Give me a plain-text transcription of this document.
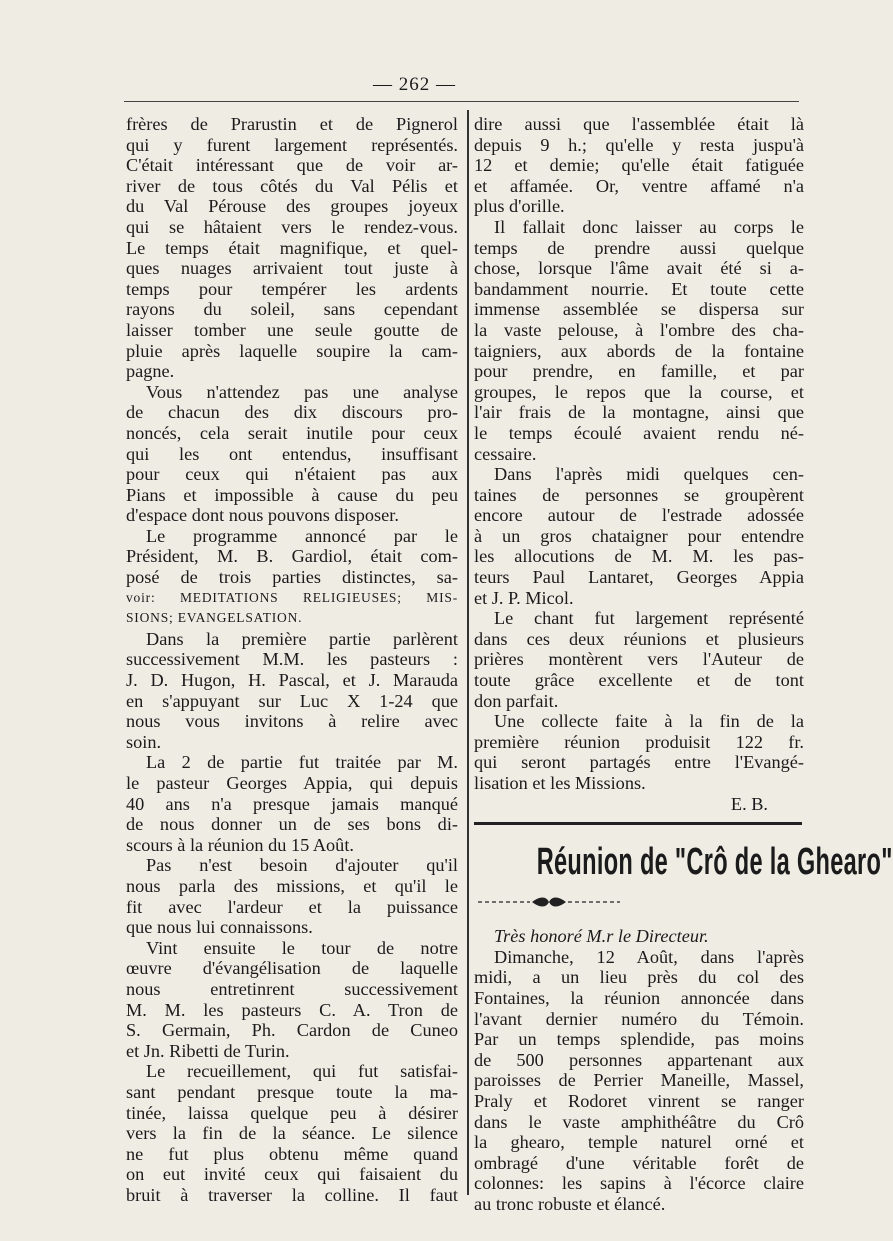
— 262 —
frères de Prarustin et de Pignerol
qui y furent largement représentés.
C'était intéressant que de voir ar-
river de tous côtés du Val Pélis et
du Val Pérouse des groupes joyeux
qui se hâtaient vers le rendez-vous.
Le temps était magnifique, et quel-
ques nuages arrivaient tout juste à
temps pour tempérer les ardents
rayons du soleil, sans cependant
laisser tomber une seule goutte de
pluie après laquelle soupire la cam-
pagne.
Vous n'attendez pas une analyse
de chacun des dix discours pro-
noncés, cela serait inutile pour ceux
qui les ont entendus, insuffisant
pour ceux qui n'étaient pas aux
Pians et impossible à cause du peu
d'espace dont nous pouvons disposer.
Le programme annoncé par le
Président, M. B. Gardiol, était com-
posé de trois parties distinctes, sa-
voir: MEDITATIONS RELIGIEUSES; MIS-
SIONS; EVANGELSATION.
Dans la première partie parlèrent
successivement M.M. les pasteurs :
J. D. Hugon, H. Pascal, et J. Marauda
en s'appuyant sur Luc X 1-24 que
nous vous invitons à relire avec
soin.
La 2 de partie fut traitée par M.
le pasteur Georges Appia, qui depuis
40 ans n'a presque jamais manqué
de nous donner un de ses bons di-
scours à la réunion du 15 Août.
Pas n'est besoin d'ajouter qu'il
nous parla des missions, et qu'il le
fit avec l'ardeur et la puissance
que nous lui connaissons.
Vint ensuite le tour de notre
œuvre d'évangélisation de laquelle
nous entretinrent successivement
M. M. les pasteurs C. A. Tron de
S. Germain, Ph. Cardon de Cuneo
et Jn. Ribetti de Turin.
Le recueillement, qui fut satisfai-
sant pendant presque toute la ma-
tinée, laissa quelque peu à désirer
vers la fin de la séance. Le silence
ne fut plus obtenu même quand
on eut invité ceux qui faisaient du
bruit à traverser la colline. Il faut
dire aussi que l'assemblée était là
depuis 9 h.; qu'elle y resta juspu'à
12 et demie; qu'elle était fatiguée
et affamée. Or, ventre affamé n'a
plus d'orille.
Il fallait donc laisser au corps le
temps de prendre aussi quelque
chose, lorsque l'âme avait été si a-
bandamment nourrie. Et toute cette
immense assemblée se dispersa sur
la vaste pelouse, à l'ombre des cha-
taigniers, aux abords de la fontaine
pour prendre, en famille, et par
groupes, le repos que la course, et
l'air frais de la montagne, ainsi que
le temps écoulé avaient rendu né-
cessaire.
Dans l'après midi quelques cen-
taines de personnes se groupèrent
encore autour de l'estrade adossée
à un gros chataigner pour entendre
les allocutions de M. M. les pas-
teurs Paul Lantaret, Georges Appia
et J. P. Micol.
Le chant fut largement représenté
dans ces deux réunions et plusieurs
prières montèrent vers l'Auteur de
toute grâce excellente et de tont
don parfait.
Une collecte faite à la fin de la
première réunion produisit 122 fr.
qui seront partagés entre l'Evangé-
lisation et les Missions.
E. B.
Réunion de "Crô de la Ghearo"
Très honoré M.r le Directeur.
Dimanche, 12 Août, dans l'après
midi, a un lieu près du col des
Fontaines, la réunion annoncée dans
l'avant dernier numéro du Témoin.
Par un temps splendide, pas moins
de 500 personnes appartenant aux
paroisses de Perrier Maneille, Massel,
Praly et Rodoret vinrent se ranger
dans le vaste amphithéâtre du Crô
la ghearo, temple naturel orné et
ombragé d'une véritable forêt de
colonnes: les sapins à l'écorce claire
au tronc robuste et élancé.
